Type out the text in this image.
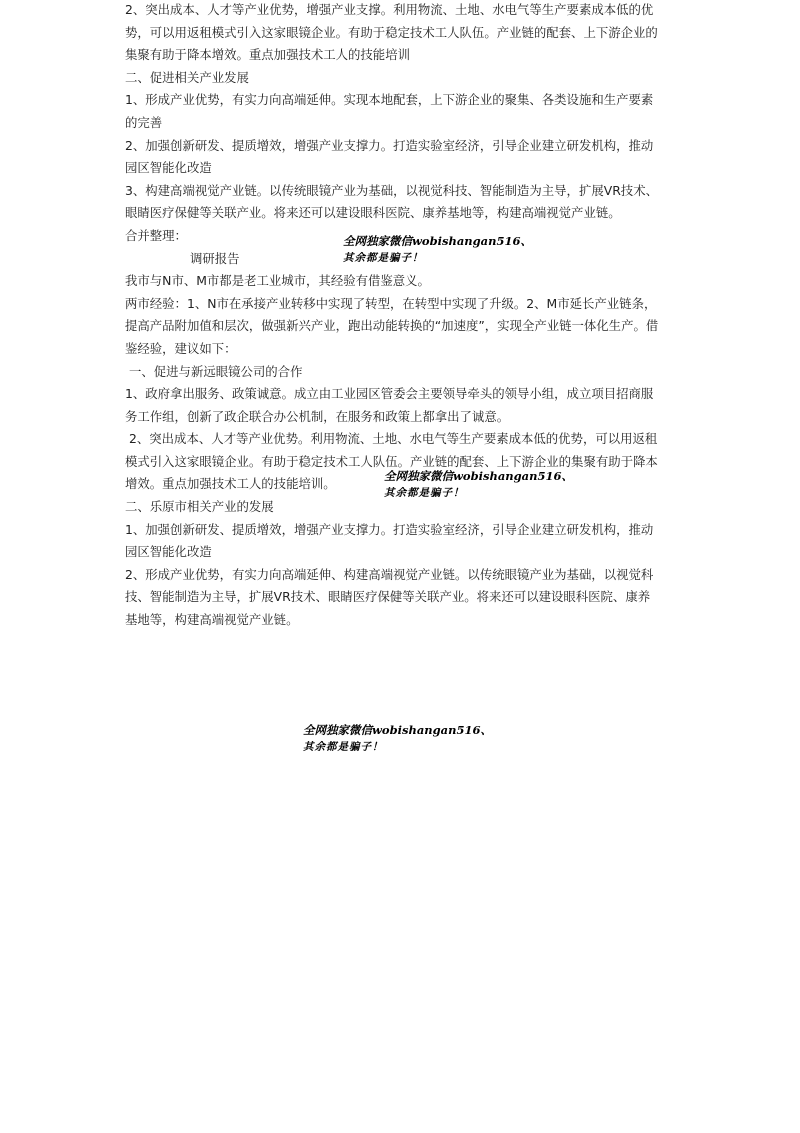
2、突出成本、人才等产业优势，增强产业支撑。利用物流、土地、水电气等生产要素成本低的优
势，可以用返租模式引入这家眼镜企业。有助于稳定技术工人队伍。产业链的配套、上下游企业的
集聚有助于降本增效。重点加强技术工人的技能培训
二、促进相关产业发展
1、形成产业优势，有实力向高端延伸。实现本地配套，上下游企业的聚集、各类设施和生产要素
的完善
2、加强创新研发、提质增效，增强产业支撑力。打造实验室经济，引导企业建立研发机构，推动
园区智能化改造
3、构建高端视觉产业链。以传统眼镜产业为基础，以视觉科技、智能制造为主导，扩展VR技术、
眼睛医疗保健等关联产业。将来还可以建设眼科医院、康养基地等，构建高端视觉产业链。
合并整理：
调研报告
我市与N市、M市都是老工业城市，其经验有借鉴意义。
两市经验：1、N市在承接产业转移中实现了转型，在转型中实现了升级。2、M市延长产业链条，
提高产品附加值和层次，做强新兴产业，跑出动能转换的“加速度”，实现全产业链一体化生产。借
鉴经验，建议如下：
一、促进与新远眼镜公司的合作
1、政府拿出服务、政策诚意。成立由工业园区管委会主要领导牵头的领导小组，成立项目招商服
务工作组，创新了政企联合办公机制，在服务和政策上都拿出了诚意。
2、突出成本、人才等产业优势。利用物流、土地、水电气等生产要素成本低的优势，可以用返租
模式引入这家眼镜企业。有助于稳定技术工人队伍。产业链的配套、上下游企业的集聚有助于降本
增效。重点加强技术工人的技能培训。
二、乐原市相关产业的发展
1、加强创新研发、提质增效，增强产业支撑力。打造实验室经济，引导企业建立研发机构，推动
园区智能化改造
2、形成产业优势，有实力向高端延伸、构建高端视觉产业链。以传统眼镜产业为基础，以视觉科
技、智能制造为主导，扩展VR技术、眼睛医疗保健等关联产业。将来还可以建设眼科医院、康养
基地等，构建高端视觉产业链。
全网独家微信wobishangan516、
其余都是骗子！
全网独家微信wobishangan516、
其余都是骗子！
全网独家微信wobishangan516、
其余都是骗子！
